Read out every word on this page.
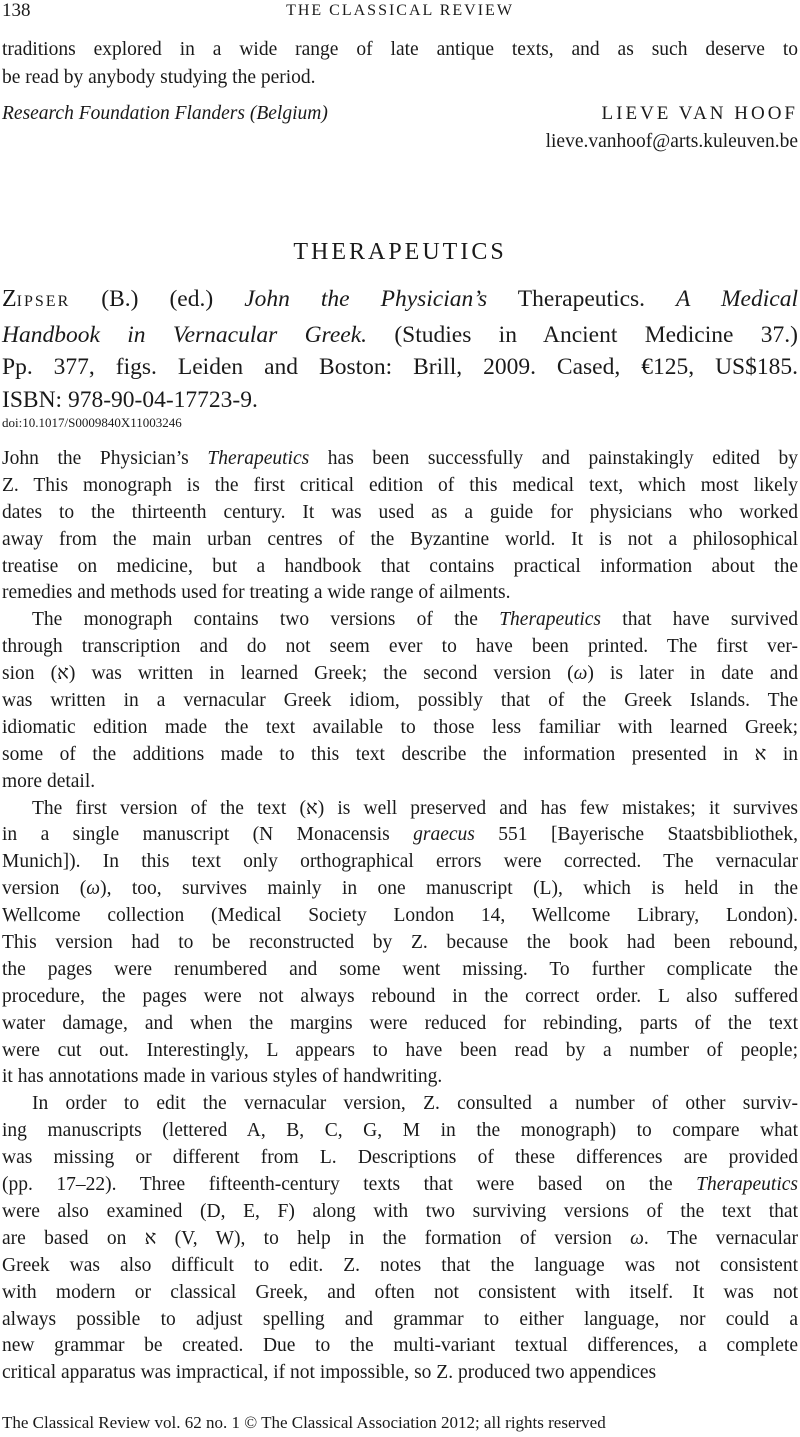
138	THE CLASSICAL REVIEW
traditions explored in a wide range of late antique texts, and as such deserve to
be read by anybody studying the period.
Research Foundation Flanders (Belgium)	LIEVE VAN HOOF
lieve.vanhoof@arts.kuleuven.be
THERAPEUTICS
ZIPSER (B.) (ed.) John the Physician’s Therapeutics. A Medical
Handbook in Vernacular Greek. (Studies in Ancient Medicine 37.)
Pp. 377, figs. Leiden and Boston: Brill, 2009. Cased, €125, US$185.
ISBN: 978-90-04-17723-9.
doi:10.1017/S0009840X11003246
John the Physician’s Therapeutics has been successfully and painstakingly edited by
Z. This monograph is the first critical edition of this medical text, which most likely
dates to the thirteenth century. It was used as a guide for physicians who worked
away from the main urban centres of the Byzantine world. It is not a philosophical
treatise on medicine, but a handbook that contains practical information about the
remedies and methods used for treating a wide range of ailments.
The monograph contains two versions of the Therapeutics that have survived
through transcription and do not seem ever to have been printed. The first ver-
sion (א) was written in learned Greek; the second version (ω) is later in date and
was written in a vernacular Greek idiom, possibly that of the Greek Islands. The
idiomatic edition made the text available to those less familiar with learned Greek;
some of the additions made to this text describe the information presented in א in
more detail.
The first version of the text (א) is well preserved and has few mistakes; it survives
in a single manuscript (N Monacensis graecus 551 [Bayerische Staatsbibliothek,
Munich]). In this text only orthographical errors were corrected. The vernacular
version (ω), too, survives mainly in one manuscript (L), which is held in the
Wellcome collection (Medical Society London 14, Wellcome Library, London).
This version had to be reconstructed by Z. because the book had been rebound,
the pages were renumbered and some went missing. To further complicate the
procedure, the pages were not always rebound in the correct order. L also suffered
water damage, and when the margins were reduced for rebinding, parts of the text
were cut out. Interestingly, L appears to have been read by a number of people;
it has annotations made in various styles of handwriting.
In order to edit the vernacular version, Z. consulted a number of other surviv-
ing manuscripts (lettered A, B, C, G, M in the monograph) to compare what
was missing or different from L. Descriptions of these differences are provided
(pp. 17–22). Three fifteenth-century texts that were based on the Therapeutics
were also examined (D, E, F) along with two surviving versions of the text that
are based on א (V, W), to help in the formation of version ω. The vernacular
Greek was also difficult to edit. Z. notes that the language was not consistent
with modern or classical Greek, and often not consistent with itself. It was not
always possible to adjust spelling and grammar to either language, nor could a
new grammar be created. Due to the multi-variant textual differences, a complete
critical apparatus was impractical, if not impossible, so Z. produced two appendices
The Classical Review vol. 62 no. 1 © The Classical Association 2012; all rights reserved
